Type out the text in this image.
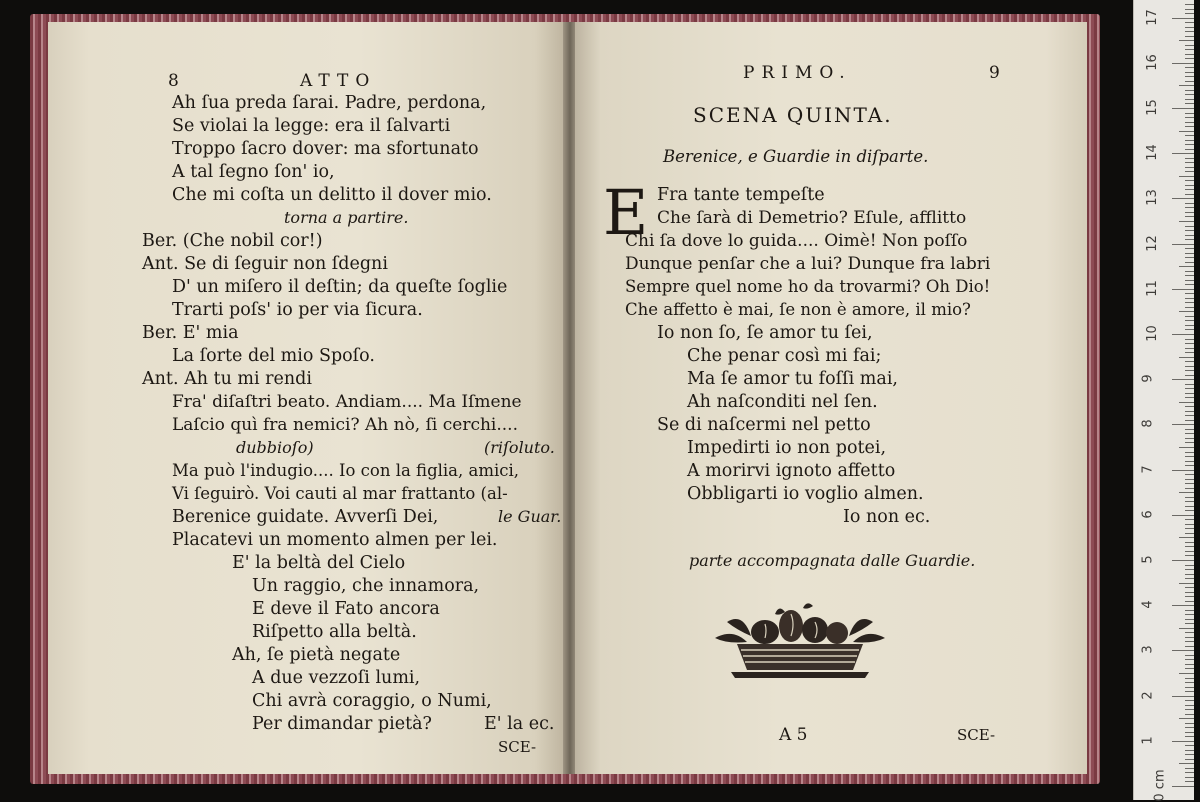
8	ATTO
Ah ſua preda ſarai. Padre, perdona,
Se violai la legge: era il ſalvarti
Troppo ſacro dover: ma sfortunato
A tal ſegno ſon' io,
Che mi coſta un delitto il dover mio.
torna a partire.
Ber. (Che nobil cor!)
Ant. Se di ſeguir non ſdegni
D' un miſero il deſtin; da queſte ſoglie
Trarti poſs' io per via ſicura.
Ber. E' mia
La ſorte del mio Spoſo.
Ant. Ah tu mi rendi
Fra' diſaſtri beato. Andiam.... Ma Iſmene
Laſcio quì fra nemici? Ah nò, ſi cerchi....
dubbioſo)	(riſoluto.
Ma può l'indugio.... Io con la figlia, amici,
Vi ſeguirò. Voi cauti al mar frattanto (al-
Berenice guidate. Avverſi Dei,	le Guar.
Placatevi un momento almen per lei.
E' la beltà del Cielo
Un raggio, che innamora,
E deve il Fato ancora
Riſpetto alla beltà.
Ah, ſe pietà negate
A due vezzoſi lumi,
Chi avrà coraggio, o Numi,
Per dimandar pietà?	E' la ec.
SCE-
PRIMO.	9
SCENA QUINTA.
Berenice, e Guardie in diſparte.
E Fra tante tempeſte
Che ſarà di Demetrio? Eſule, afflitto
Chi ſa dove lo guida.... Oimè! Non poſſo
Dunque penſar che a lui? Dunque fra labri
Sempre quel nome ho da trovarmi? Oh Dio!
Che affetto è mai, ſe non è amore, il mio?
Io non ſo, ſe amor tu ſei,
Che penar così mi fai;
Ma ſe amor tu foſſi mai,
Ah naſconditi nel ſen.
Se di naſcermi nel petto
Impedirti io non potei,
A morirvi ignoto affetto
Obbligarti io voglio almen.
Io non ec.
parte accompagnata dalle Guardie.
A 5	SCE-
0 cm
1
2
3
4
5
6
7
8
9
10
11
12
13
14
15
16
17
